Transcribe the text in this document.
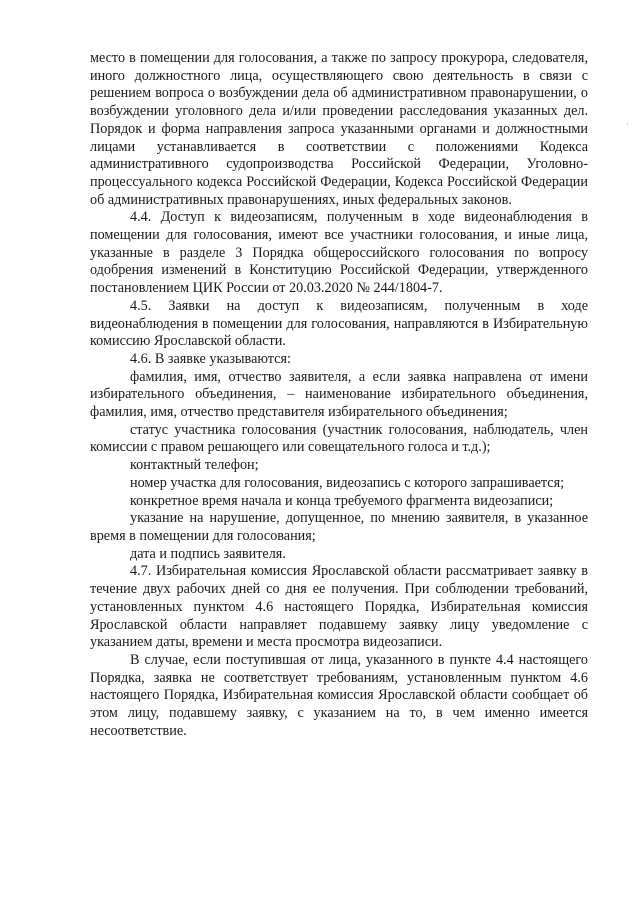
место в помещении для голосования, а также по запросу прокурора, следователя, иного должностного лица, осуществляющего свою деятельность в связи с решением вопроса о возбуждении дела об административном правонарушении, о возбуждении уголовного дела и/или проведении расследования указанных дел. Порядок и форма направления запроса указанными органами и должностными лицами устанавливается в соответствии с положениями Кодекса административного судопроизводства Российской Федерации, Уголовно-процессуального кодекса Российской Федерации, Кодекса Российской Федерации об административных правонарушениях, иных федеральных законов.

4.4. Доступ к видеозаписям, полученным в ходе видеонаблюдения в помещении для голосования, имеют все участники голосования, и иные лица, указанные в разделе 3 Порядка общероссийского голосования по вопросу одобрения изменений в Конституцию Российской Федерации, утвержденного постановлением ЦИК России от 20.03.2020 № 244/1804-7.

4.5. Заявки на доступ к видеозаписям, полученным в ходе видеонаблюдения в помещении для голосования, направляются в Избирательную комиссию Ярославской области.

4.6. В заявке указываются:

фамилия, имя, отчество заявителя, а если заявка направлена от имени избирательного объединения, – наименование избирательного объединения, фамилия, имя, отчество представителя избирательного объединения;

статус участника голосования (участник голосования, наблюдатель, член комиссии с правом решающего или совещательного голоса и т.д.);

контактный телефон;

номер участка для голосования, видеозапись с которого запрашивается;

конкретное время начала и конца требуемого фрагмента видеозаписи;

указание на нарушение, допущенное, по мнению заявителя, в указанное время в помещении для голосования;

дата и подпись заявителя.

4.7. Избирательная комиссия Ярославской области рассматривает заявку в течение двух рабочих дней со дня ее получения. При соблюдении требований, установленных пунктом 4.6 настоящего Порядка, Избирательная комиссия Ярославской области направляет подавшему заявку лицу уведомление с указанием даты, времени и места просмотра видеозаписи.

В случае, если поступившая от лица, указанного в пункте 4.4 настоящего Порядка, заявка не соответствует требованиям, установленным пунктом 4.6 настоящего Порядка, Избирательная комиссия Ярославской области сообщает об этом лицу, подавшему заявку, с указанием на то, в чем именно имеется несоответствие.

·
